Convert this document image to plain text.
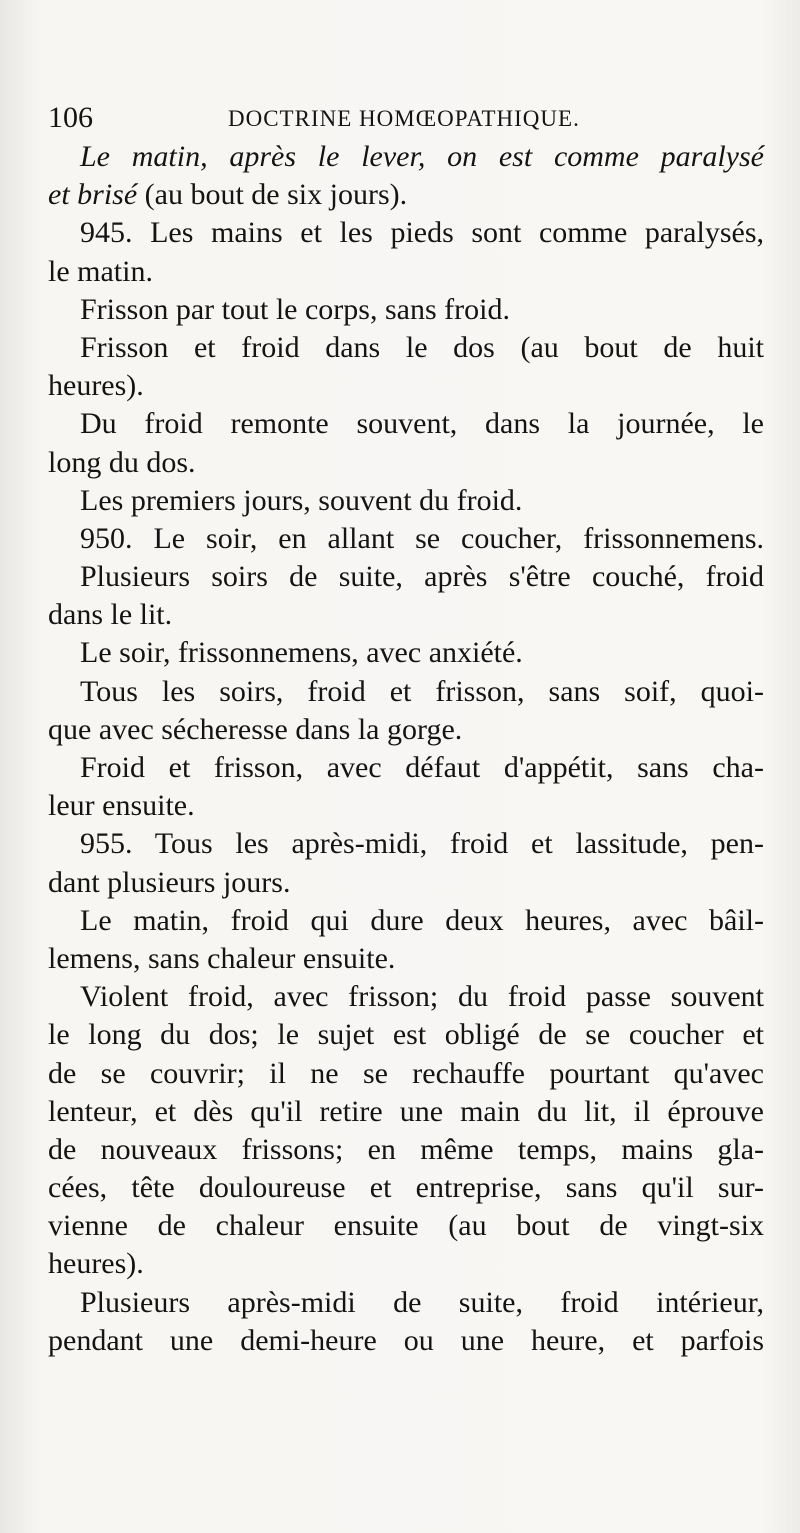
106	DOCTRINE HOMŒOPATHIQUE.
Le matin, après le lever, on est comme paralysé
et brisé (au bout de six jours).
945. Les mains et les pieds sont comme paralysés,
le matin.
Frisson par tout le corps, sans froid.
Frisson et froid dans le dos (au bout de huit
heures).
Du froid remonte souvent, dans la journée, le
long du dos.
Les premiers jours, souvent du froid.
950. Le soir, en allant se coucher, frissonnemens.
Plusieurs soirs de suite, après s'être couché, froid
dans le lit.
Le soir, frissonnemens, avec anxiété.
Tous les soirs, froid et frisson, sans soif, quoi-
que avec sécheresse dans la gorge.
Froid et frisson, avec défaut d'appétit, sans cha-
leur ensuite.
955. Tous les après-midi, froid et lassitude, pen-
dant plusieurs jours.
Le matin, froid qui dure deux heures, avec bâil-
lemens, sans chaleur ensuite.
Violent froid, avec frisson; du froid passe souvent
le long du dos; le sujet est obligé de se coucher et
de se couvrir; il ne se rechauffe pourtant qu'avec
lenteur, et dès qu'il retire une main du lit, il éprouve
de nouveaux frissons; en même temps, mains gla-
cées, tête douloureuse et entreprise, sans qu'il sur-
vienne de chaleur ensuite (au bout de vingt-six
heures).
Plusieurs après-midi de suite, froid intérieur,
pendant une demi-heure ou une heure, et parfois
